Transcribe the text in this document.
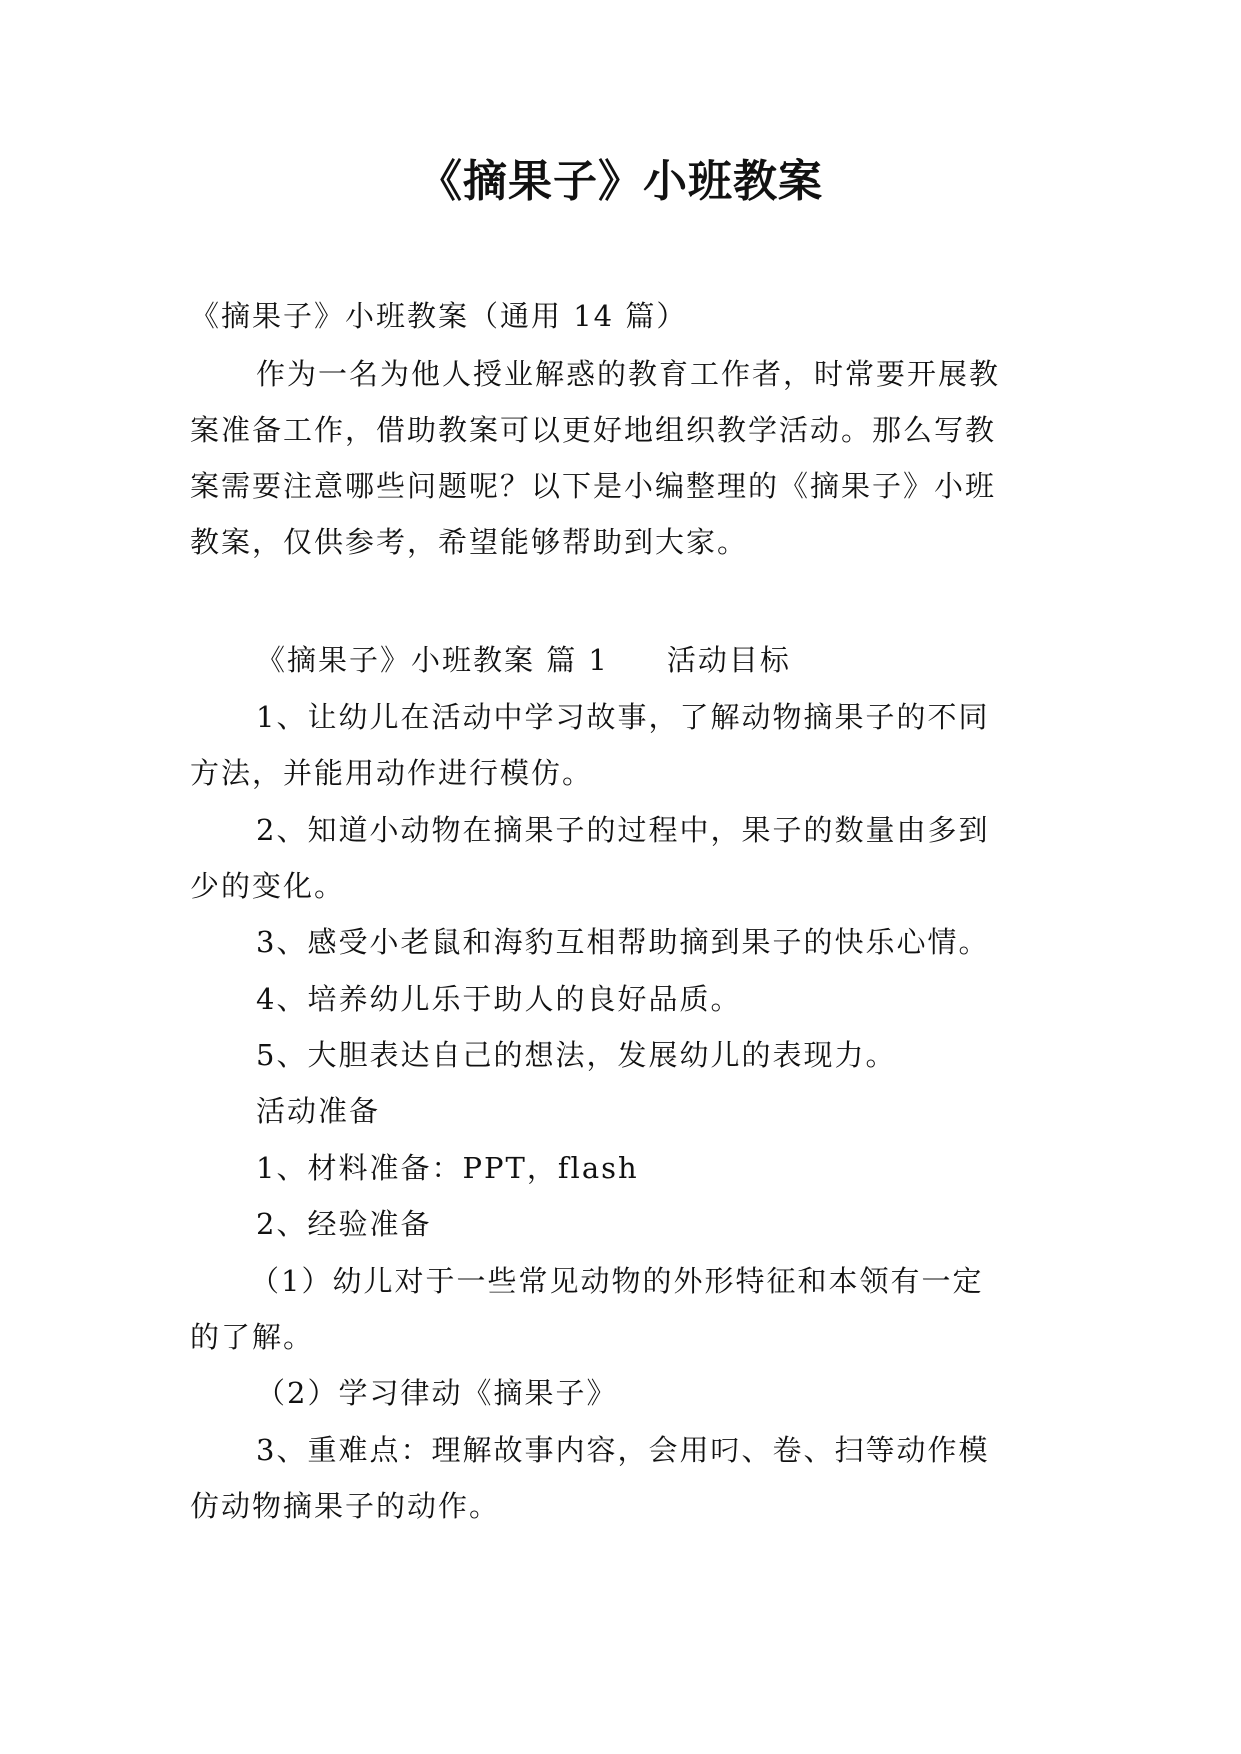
《摘果子》小班教案
《摘果子》小班教案（通用 14 篇）
作为一名为他人授业解惑的教育工作者，时常要开展教
案准备工作，借助教案可以更好地组织教学活动。那么写教
案需要注意哪些问题呢？以下是小编整理的《摘果子》小班
教案，仅供参考，希望能够帮助到大家。
《摘果子》小班教案 篇 1 活动目标
1、让幼儿在活动中学习故事，了解动物摘果子的不同
方法，并能用动作进行模仿。
2、知道小动物在摘果子的过程中，果子的数量由多到
少的变化。
3、感受小老鼠和海豹互相帮助摘到果子的快乐心情。
4、培养幼儿乐于助人的良好品质。
5、大胆表达自己的想法，发展幼儿的表现力。
活动准备
1、材料准备：PPT，flash
2、经验准备
（1）幼儿对于一些常见动物的外形特征和本领有一定
的了解。
（2）学习律动《摘果子》
3、重难点：理解故事内容，会用叼、卷、扫等动作模
仿动物摘果子的动作。
